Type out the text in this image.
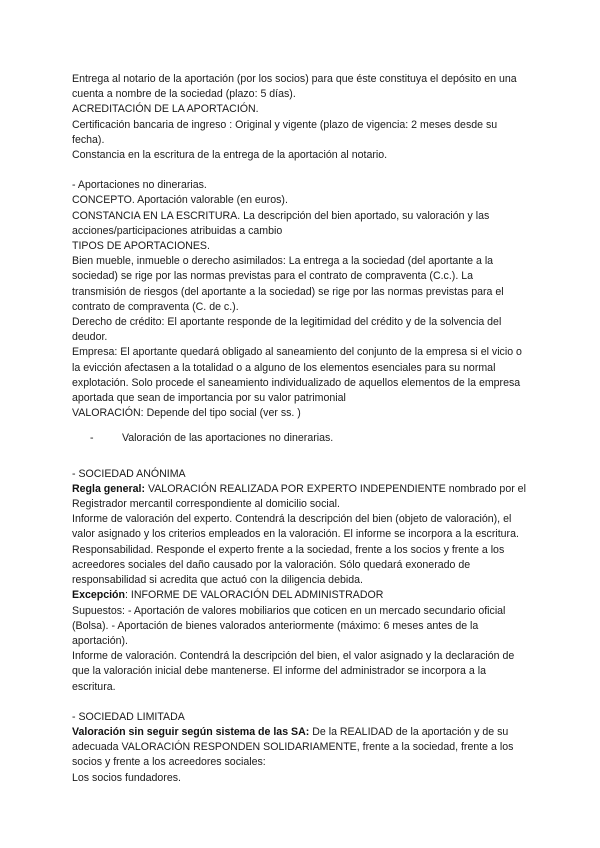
Entrega al notario de la aportación (por los socios) para que éste constituya el depósito en una cuenta a nombre de la sociedad (plazo: 5 días).

ACREDITACIÓN DE LA APORTACIÓN.

Certificación bancaria de ingreso : Original y vigente (plazo de vigencia: 2 meses desde su fecha).

Constancia en la escritura de la entrega de la aportación al notario.

- Aportaciones no dinerarias.

CONCEPTO. Aportación valorable (en euros).

CONSTANCIA EN LA ESCRITURA. La descripción del bien aportado, su valoración y las acciones/participaciones atribuidas a cambio

TIPOS DE APORTACIONES.

Bien mueble, inmueble o derecho asimilados: La entrega a la sociedad (del aportante a la sociedad) se rige por las normas previstas para el contrato de compraventa (C.c.). La transmisión de riesgos (del aportante a la sociedad) se rige por las normas previstas para el contrato de compraventa (C. de c.).

Derecho de crédito: El aportante responde de la legitimidad del crédito y de la solvencia del deudor.

Empresa: El aportante quedará obligado al saneamiento del conjunto de la empresa si el vicio o la evicción afectasen a la totalidad o a alguno de los elementos esenciales para su normal explotación. Solo procede el saneamiento individualizado de aquellos elementos de la empresa aportada que sean de importancia por su valor patrimonial

VALORACIÓN: Depende del tipo social (ver ss. )

-	Valoración de las aportaciones no dinerarias.

- SOCIEDAD ANÓNIMA

Regla general: VALORACIÓN REALIZADA POR EXPERTO INDEPENDIENTE nombrado por el Registrador mercantil correspondiente al domicilio social.

Informe de valoración del experto. Contendrá la descripción del bien (objeto de valoración), el valor asignado y los criterios empleados en la valoración. El informe se incorpora a la escritura.

Responsabilidad. Responde el experto frente a la sociedad, frente a los socios y frente a los acreedores sociales del daño causado por la valoración. Sólo quedará exonerado de responsabilidad si acredita que actuó con la diligencia debida.

Excepción: INFORME DE VALORACIÓN DEL ADMINISTRADOR

Supuestos: - Aportación de valores mobiliarios que coticen en un mercado secundario oficial (Bolsa). - Aportación de bienes valorados anteriormente (máximo: 6 meses antes de la aportación).

Informe de valoración. Contendrá la descripción del bien, el valor asignado y la declaración de que la valoración inicial debe mantenerse. El informe del administrador se incorpora a la escritura.

- SOCIEDAD LIMITADA

Valoración sin seguir según sistema de las SA: De la REALIDAD de la aportación y de su adecuada VALORACIÓN RESPONDEN SOLIDARIAMENTE, frente a la sociedad, frente a los socios y frente a los acreedores sociales:

Los socios fundadores.
